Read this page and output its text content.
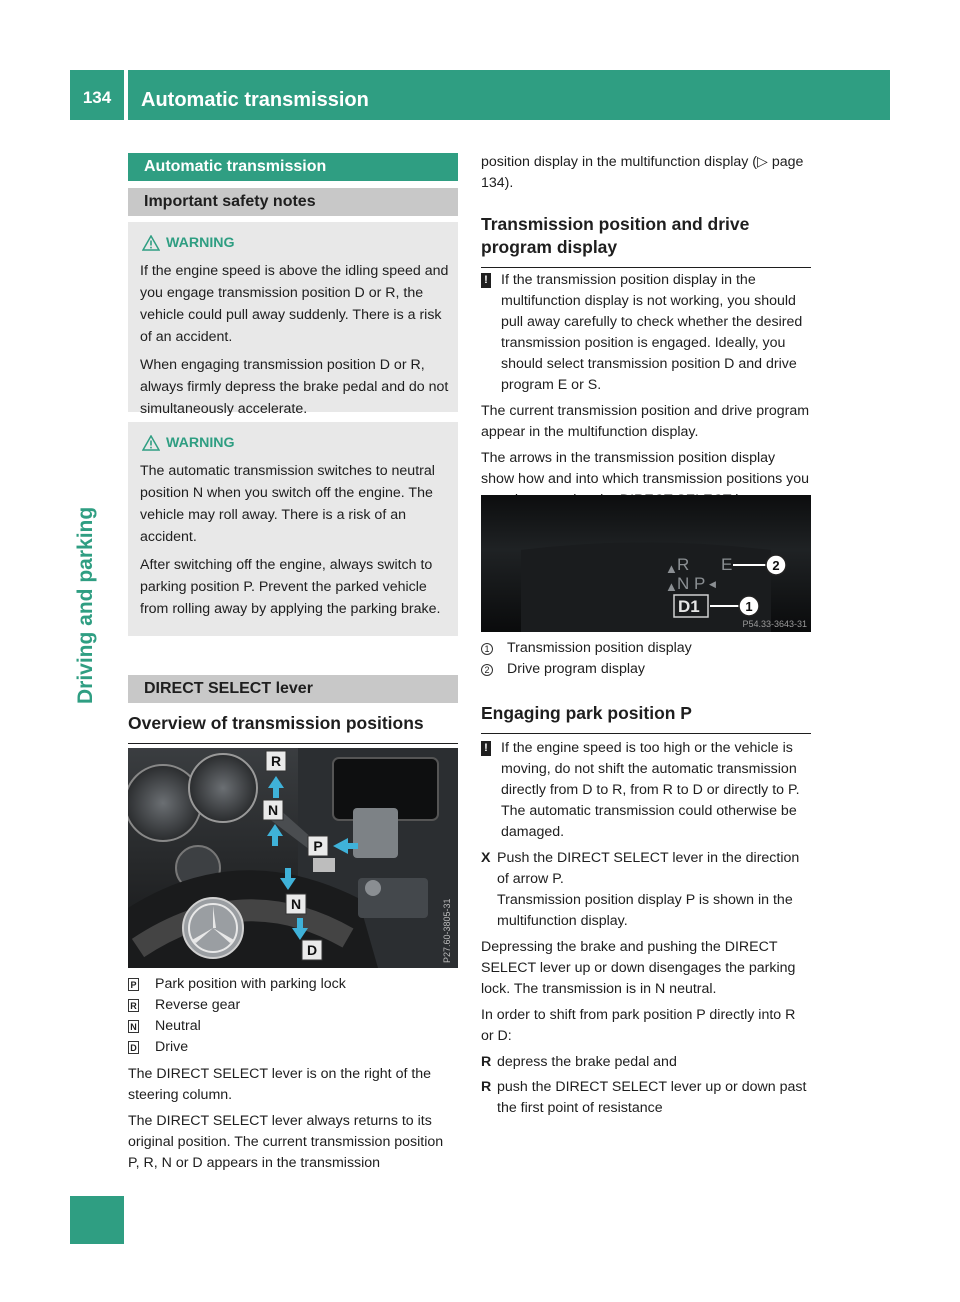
134	Automatic transmission
Driving and parking
Automatic transmission
Important safety notes
WARNING

If the engine speed is above the idling speed and you engage transmission position D or R, the vehicle could pull away suddenly. There is a risk of an accident.

When engaging transmission position D or R, always firmly depress the brake pedal and do not simultaneously accelerate.

WARNING

The automatic transmission switches to neutral position N when you switch off the engine. The vehicle may roll away. There is a risk of an accident.

After switching off the engine, always switch to parking position P. Prevent the parked vehicle from rolling away by applying the parking brake.

DIRECT SELECT lever
Overview of transmission positions
R
N
P
N
D	P27.60-3805-31
P Park position with parking lock
R Reverse gear
N Neutral
D Drive

The DIRECT SELECT lever is on the right of the steering column.

The DIRECT SELECT lever always returns to its original position. The current transmission position P, R, N or D appears in the transmission

position display in the multifunction display (▷ page 134).

Transmission position and drive program display
! If the transmission position display in the multifunction display is not working, you should pull away carefully to check whether the desired transmission position is engaged. Ideally, you should select transmission position D and drive program E or S.

The current transmission position and drive program appear in the multifunction display.

The arrows in the transmission position display show how and into which transmission positions you

▲ R E
▲ N P ◀
D1
2
1
P54.33-3643-31
1 Transmission position display
2 Drive program display
Engaging park position P
! If the engine speed is too high or the vehicle is moving, do not shift the automatic transmission directly from D to R, from R to D or directly to P. The automatic transmission could otherwise be damaged.
X Push the DIRECT SELECT lever in the direction of arrow P.
Transmission position display P is shown in the multifunction display.

Depressing the brake and pushing the DIRECT SELECT lever up or down disengages the parking lock. The transmission is in N neutral.

In order to shift from park position P directly into R or D:

R depress the brake pedal and
R push the DIRECT SELECT lever up or down past the first point of resistance
